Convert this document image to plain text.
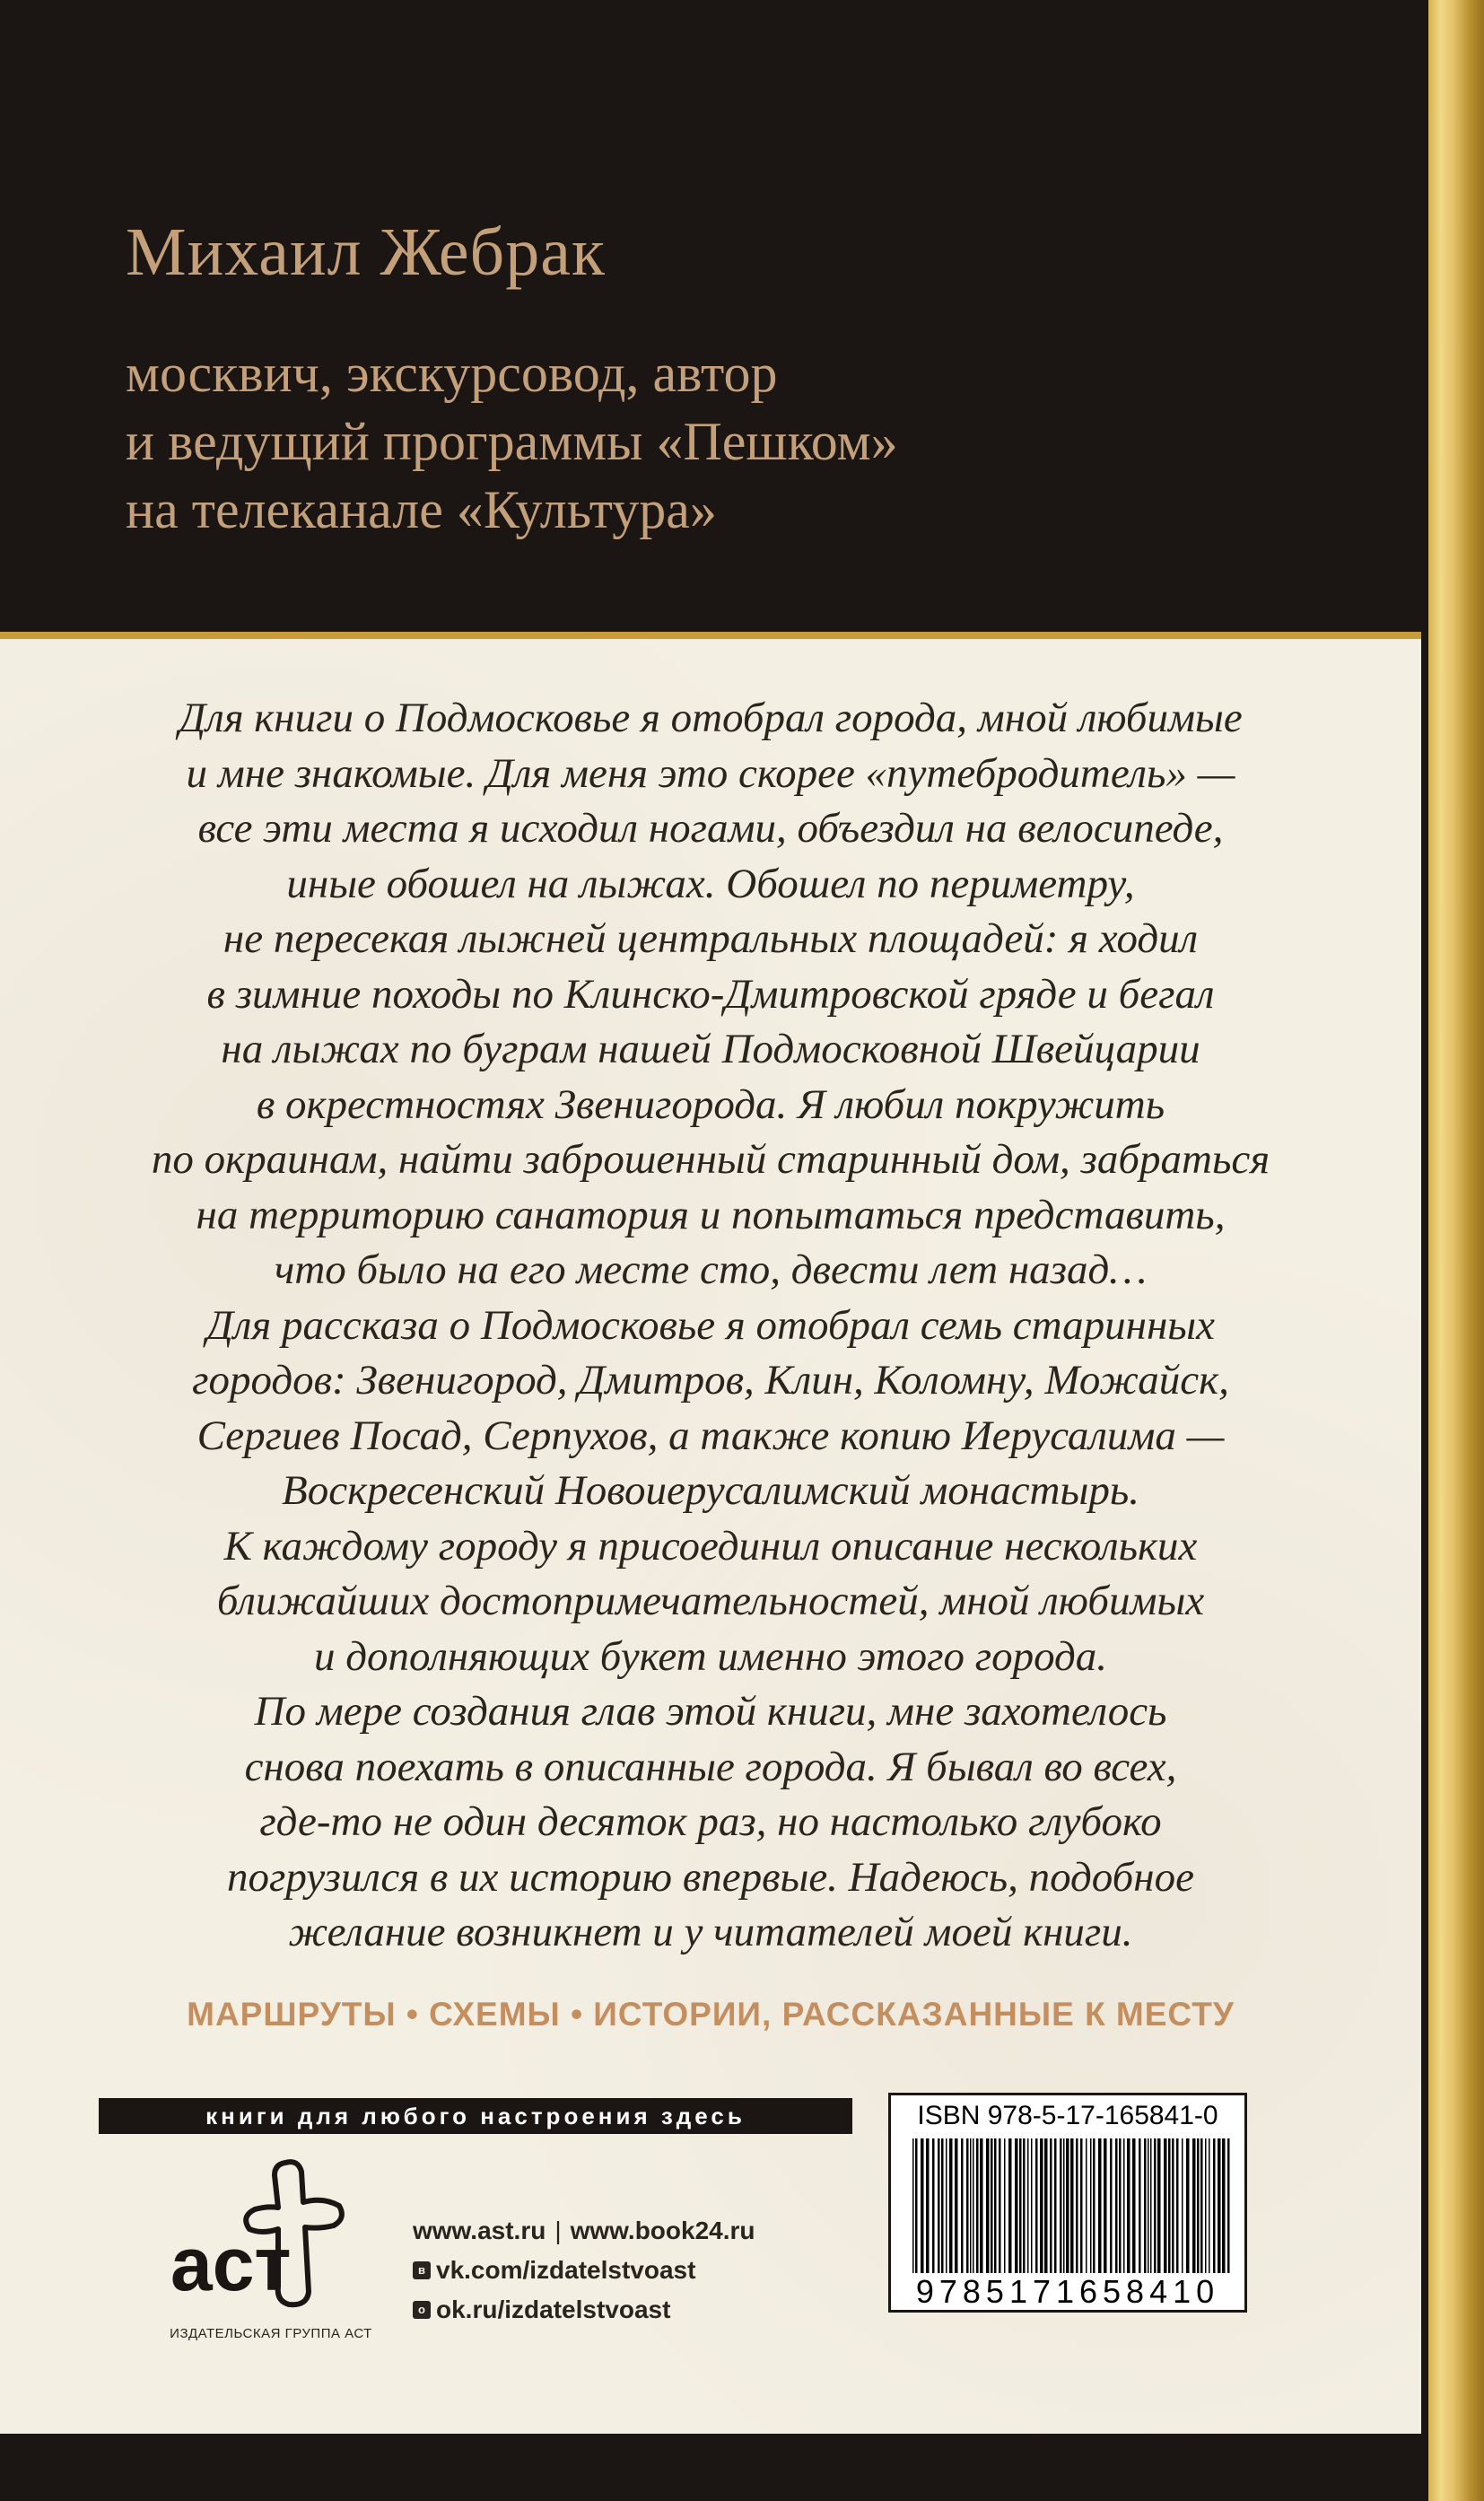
Михаил Жебрак
москвич, экскурсовод, автор
и ведущий программы «Пешком»
на телеканале «Культура»
Для книги о Подмосковье я отобрал города, мной любимые
и мне знакомые. Для меня это скорее «путебродитель» —
все эти места я исходил ногами, объездил на велосипеде,
иные обошел на лыжах. Обошел по периметру,
не пересекая лыжней центральных площадей: я ходил
в зимние походы по Клинско-Дмитровской гряде и бегал
на лыжах по буграм нашей Подмосковной Швейцарии
в окрестностях Звенигорода. Я любил покружить
по окраинам, найти заброшенный старинный дом, забраться
на территорию санатория и попытаться представить,
что было на его месте сто, двести лет назад…
Для рассказа о Подмосковье я отобрал семь старинных
городов: Звенигород, Дмитров, Клин, Коломну, Можайск,
Сергиев Посад, Серпухов, а также копию Иерусалима —
Воскресенский Новоиерусалимский монастырь.
К каждому городу я присоединил описание нескольких
ближайших достопримечательностей, мной любимых
и дополняющих букет именно этого города.
По мере создания глав этой книги, мне захотелось
снова поехать в описанные города. Я бывал во всех,
где-то не один десяток раз, но настолько глубоко
погрузился в их историю впервые. Надеюсь, подобное
желание возникнет и у читателей моей книги.
МАРШРУТЫ • СХЕМЫ • ИСТОРИИ, РАССКАЗАННЫЕ К МЕСТУ
книги для любого настроения здесь
аст
ИЗДАТЕЛЬСКАЯ ГРУППА АСТ
www.ast.ru | www.book24.ru
в vk.com/izdatelstvoast
о ok.ru/izdatelstvoast
ISBN 978-5-17-165841-0
9785171658410
